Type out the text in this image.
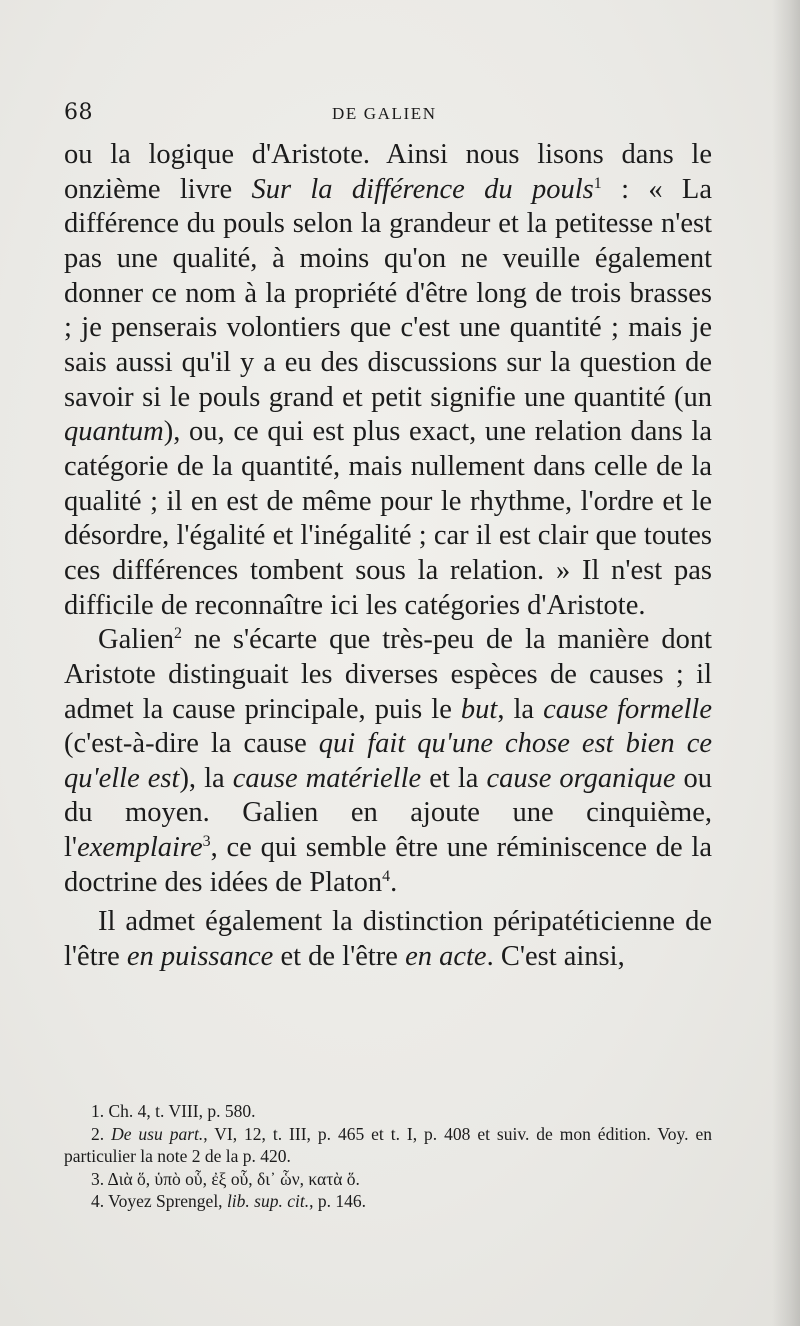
68	DE GALIEN

ou la logique d'Aristote. Ainsi nous lisons dans le onzième livre Sur la différence du pouls$^1$ : « La différence du pouls selon la grandeur et la petitesse n'est pas une qualité, à moins qu'on ne veuille également donner ce nom à la propriété d'être long de trois brasses ; je penserais volontiers que c'est une quantité ; mais je sais aussi qu'il y a eu des discussions sur la question de savoir si le pouls grand et petit signifie une quantité (un quantum), ou, ce qui est plus exact, une relation dans la catégorie de la quantité, mais nullement dans celle de la qualité ; il en est de même pour le rhythme, l'ordre et le désordre, l'égalité et l'inégalité ; car il est clair que toutes ces différences tombent sous la relation. » Il n'est pas difficile de reconnaître ici les catégories d'Aristote.

Galien$^2$ ne s'écarte que très-peu de la manière dont Aristote distinguait les diverses espèces de causes ; il admet la cause principale, puis le but, la cause formelle (c'est-à-dire la cause qui fait qu'une chose est bien ce qu'elle est), la cause matérielle et la cause organique ou du moyen. Galien en ajoute une cinquième, l'exemplaire$^3$, ce qui semble être une réminiscence de la doctrine des idées de Platon$^4$.

Il admet également la distinction péripatéticienne de l'être en puissance et de l'être en acte. C'est ainsi,

1. Ch. 4, t. VIII, p. 580.

2. De usu part., VI, 12, t. III, p. 465 et t. I, p. 408 et suiv. de mon édition. Voy. en particulier la note 2 de la p. 420.

3. Διὰ ὅ, ὑπὸ οὗ, ἐξ οὗ, δι᾽ ὧν, κατὰ ὅ.

4. Voyez Sprengel, lib. sup. cit., p. 146.
